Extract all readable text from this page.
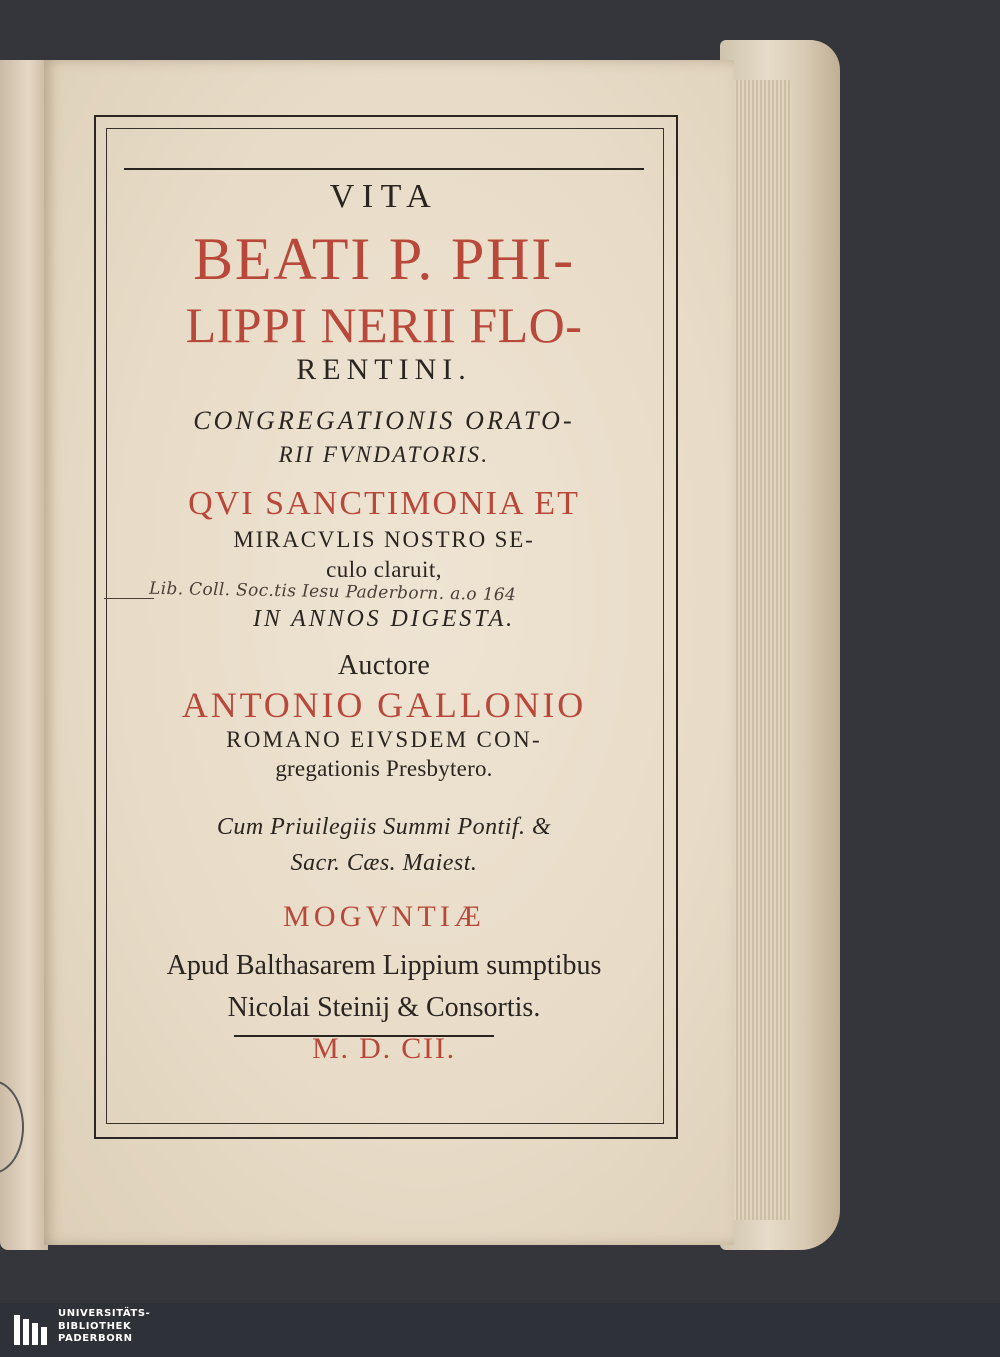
VITA
BEATI P. PHI-
LIPPI NERII FLO-
RENTINI.
CONGREGATIONIS ORATO-
RII FVNDATORIS.
QVI SANCTIMONIA ET
MIRACVLIS NOSTRO SE-
culo claruit,
Lib. Coll. Soc.tis Iesu Paderborn. a.o 164
IN ANNOS DIGESTA.
Auctore
ANTONIO GALLONIO
ROMANO EIVSDEM CON-
gregationis Presbytero.
Cum Priuilegiis Summi Pontif. &
Sacr. Cæs. Maiest.
MOGVNTIÆ
Apud Balthasarem Lippium sumptibus
Nicolai Steinij & Consortis.
M. D. CII.
UNIVERSITÄTS-
BIBLIOTHEK
PADERBORN
